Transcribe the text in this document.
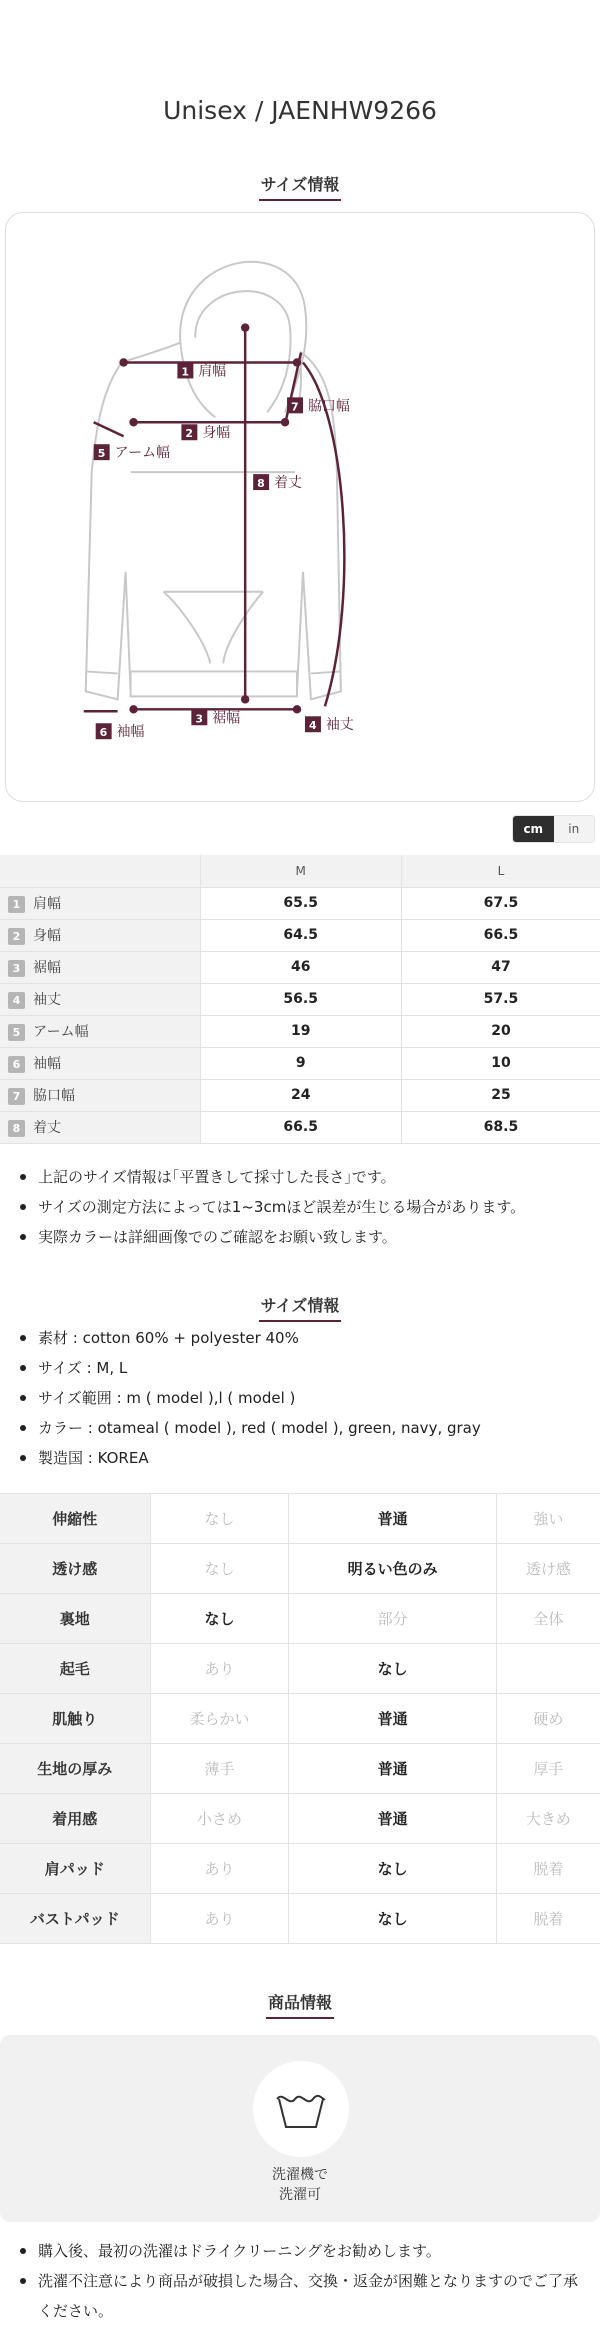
Unisex / JAENHW9266
サイズ情報
1 肩幅
2 身幅
3 裾幅	4 袖丈
5 アーム幅
6 袖幅
7 脇口幅
8 着丈
cm	in
	M	L
1 肩幅	65.5	67.5
2 身幅	64.5	66.5
3 裾幅	46	47
4 袖丈	56.5	57.5
5 アーム幅	19	20
6 袖幅	9	10
7 脇口幅	24	25
8 着丈	66.5	68.5
上記のサイズ情報は｢平置きして採寸した長さ｣です。
サイズの測定方法によっては1~3cmほど誤差が生じる場合があります。
実際カラーは詳細画像でのご確認をお願い致します。
サイズ情報
素材 : cotton 60% + polyester 40%
サイズ : M, L
サイズ範囲 : m ( model ),l ( model )
カラー : otameal ( model ), red ( model ), green, navy, gray
製造国 : KOREA
伸縮性	なし	普通	強い
透け感	なし	明るい色のみ	透け感
裏地	なし	部分	全体
起毛	あり	なし	
肌触り	柔らかい	普通	硬め
生地の厚み	薄手	普通	厚手
着用感	小さめ	普通	大きめ
肩パッド	あり	なし	脱着
バストパッド	あり	なし	脱着
商品情報
洗濯機で
洗濯可
購入後、最初の洗濯はドライクリーニングをお勧めします。
洗濯不注意により商品が破損した場合、交換・返金が困難となりますのでご了承ください。
